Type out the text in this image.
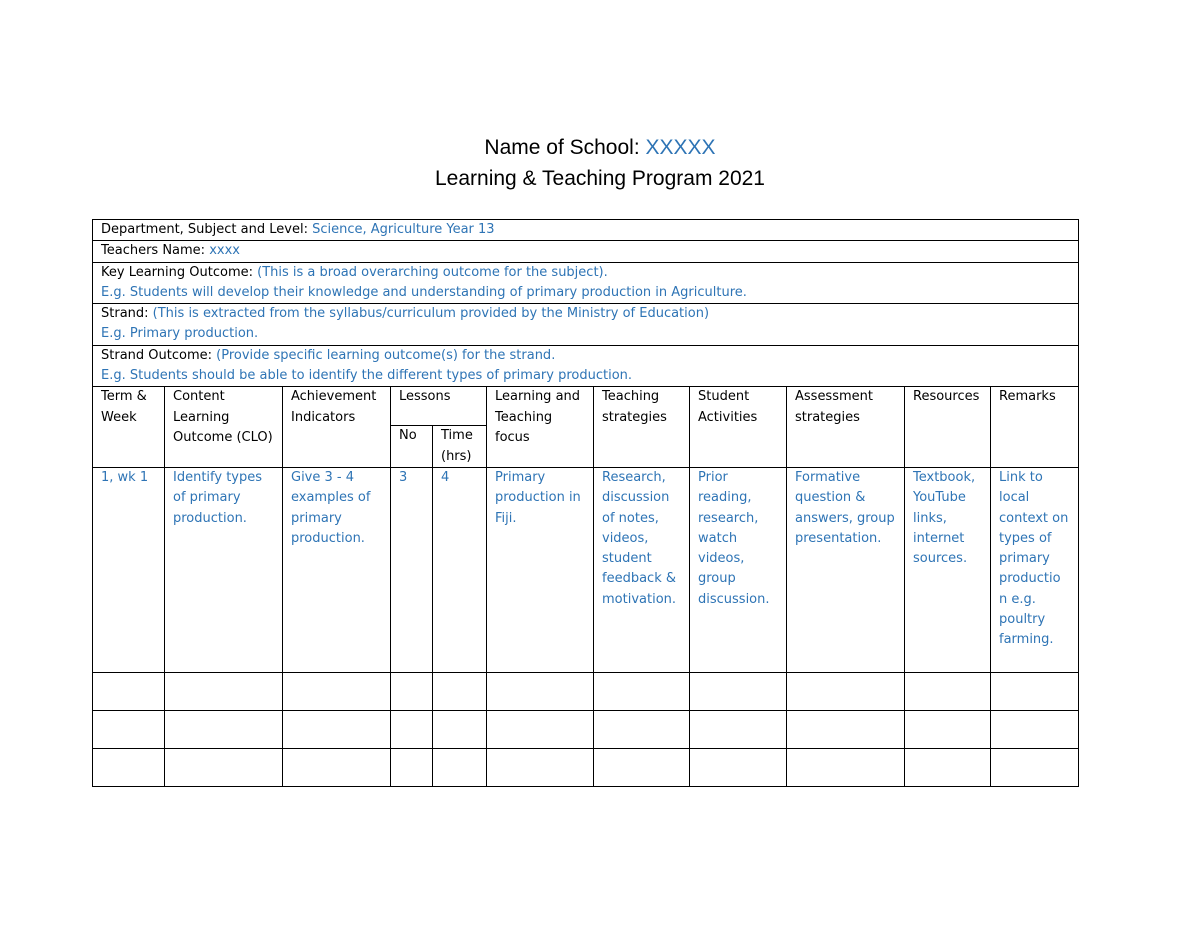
Name of School: XXXXX
Learning & Teaching Program 2021
Department, Subject and Level: Science, Agriculture Year 13										
Teachers Name: xxxx										

Key Learning Outcome: (This is a broad overarching outcome for the subject).
E.g. Students will develop their knowledge and understanding of primary production in Agriculture.										

Strand: (This is extracted from the syllabus/curriculum provided by the Ministry of Education)
E.g. Primary production.										

Strand Outcome: (Provide specific learning outcome(s) for the strand.
E.g. Students should be able to identify the different types of primary production.										

Term & Week	Content Learning Outcome (CLO)	Achievement Indicators	Lessons		Learning and Teaching focus	Teaching strategies	Student Activities	Assessment strategies	Resources	Remarks
			No	Time (hrs)						
1, wk 1	Identify types of primary production.	Give 3 - 4 examples of primary production.	3	4	Primary production in Fiji.	Research, discussion of notes, videos, student feedback & motivation.	Prior reading, research, watch videos, group discussion.	Formative question & answers, group presentation.	Textbook, YouTube links, internet sources.	Link to local context on types of primary productio n e.g. poultry farming.
